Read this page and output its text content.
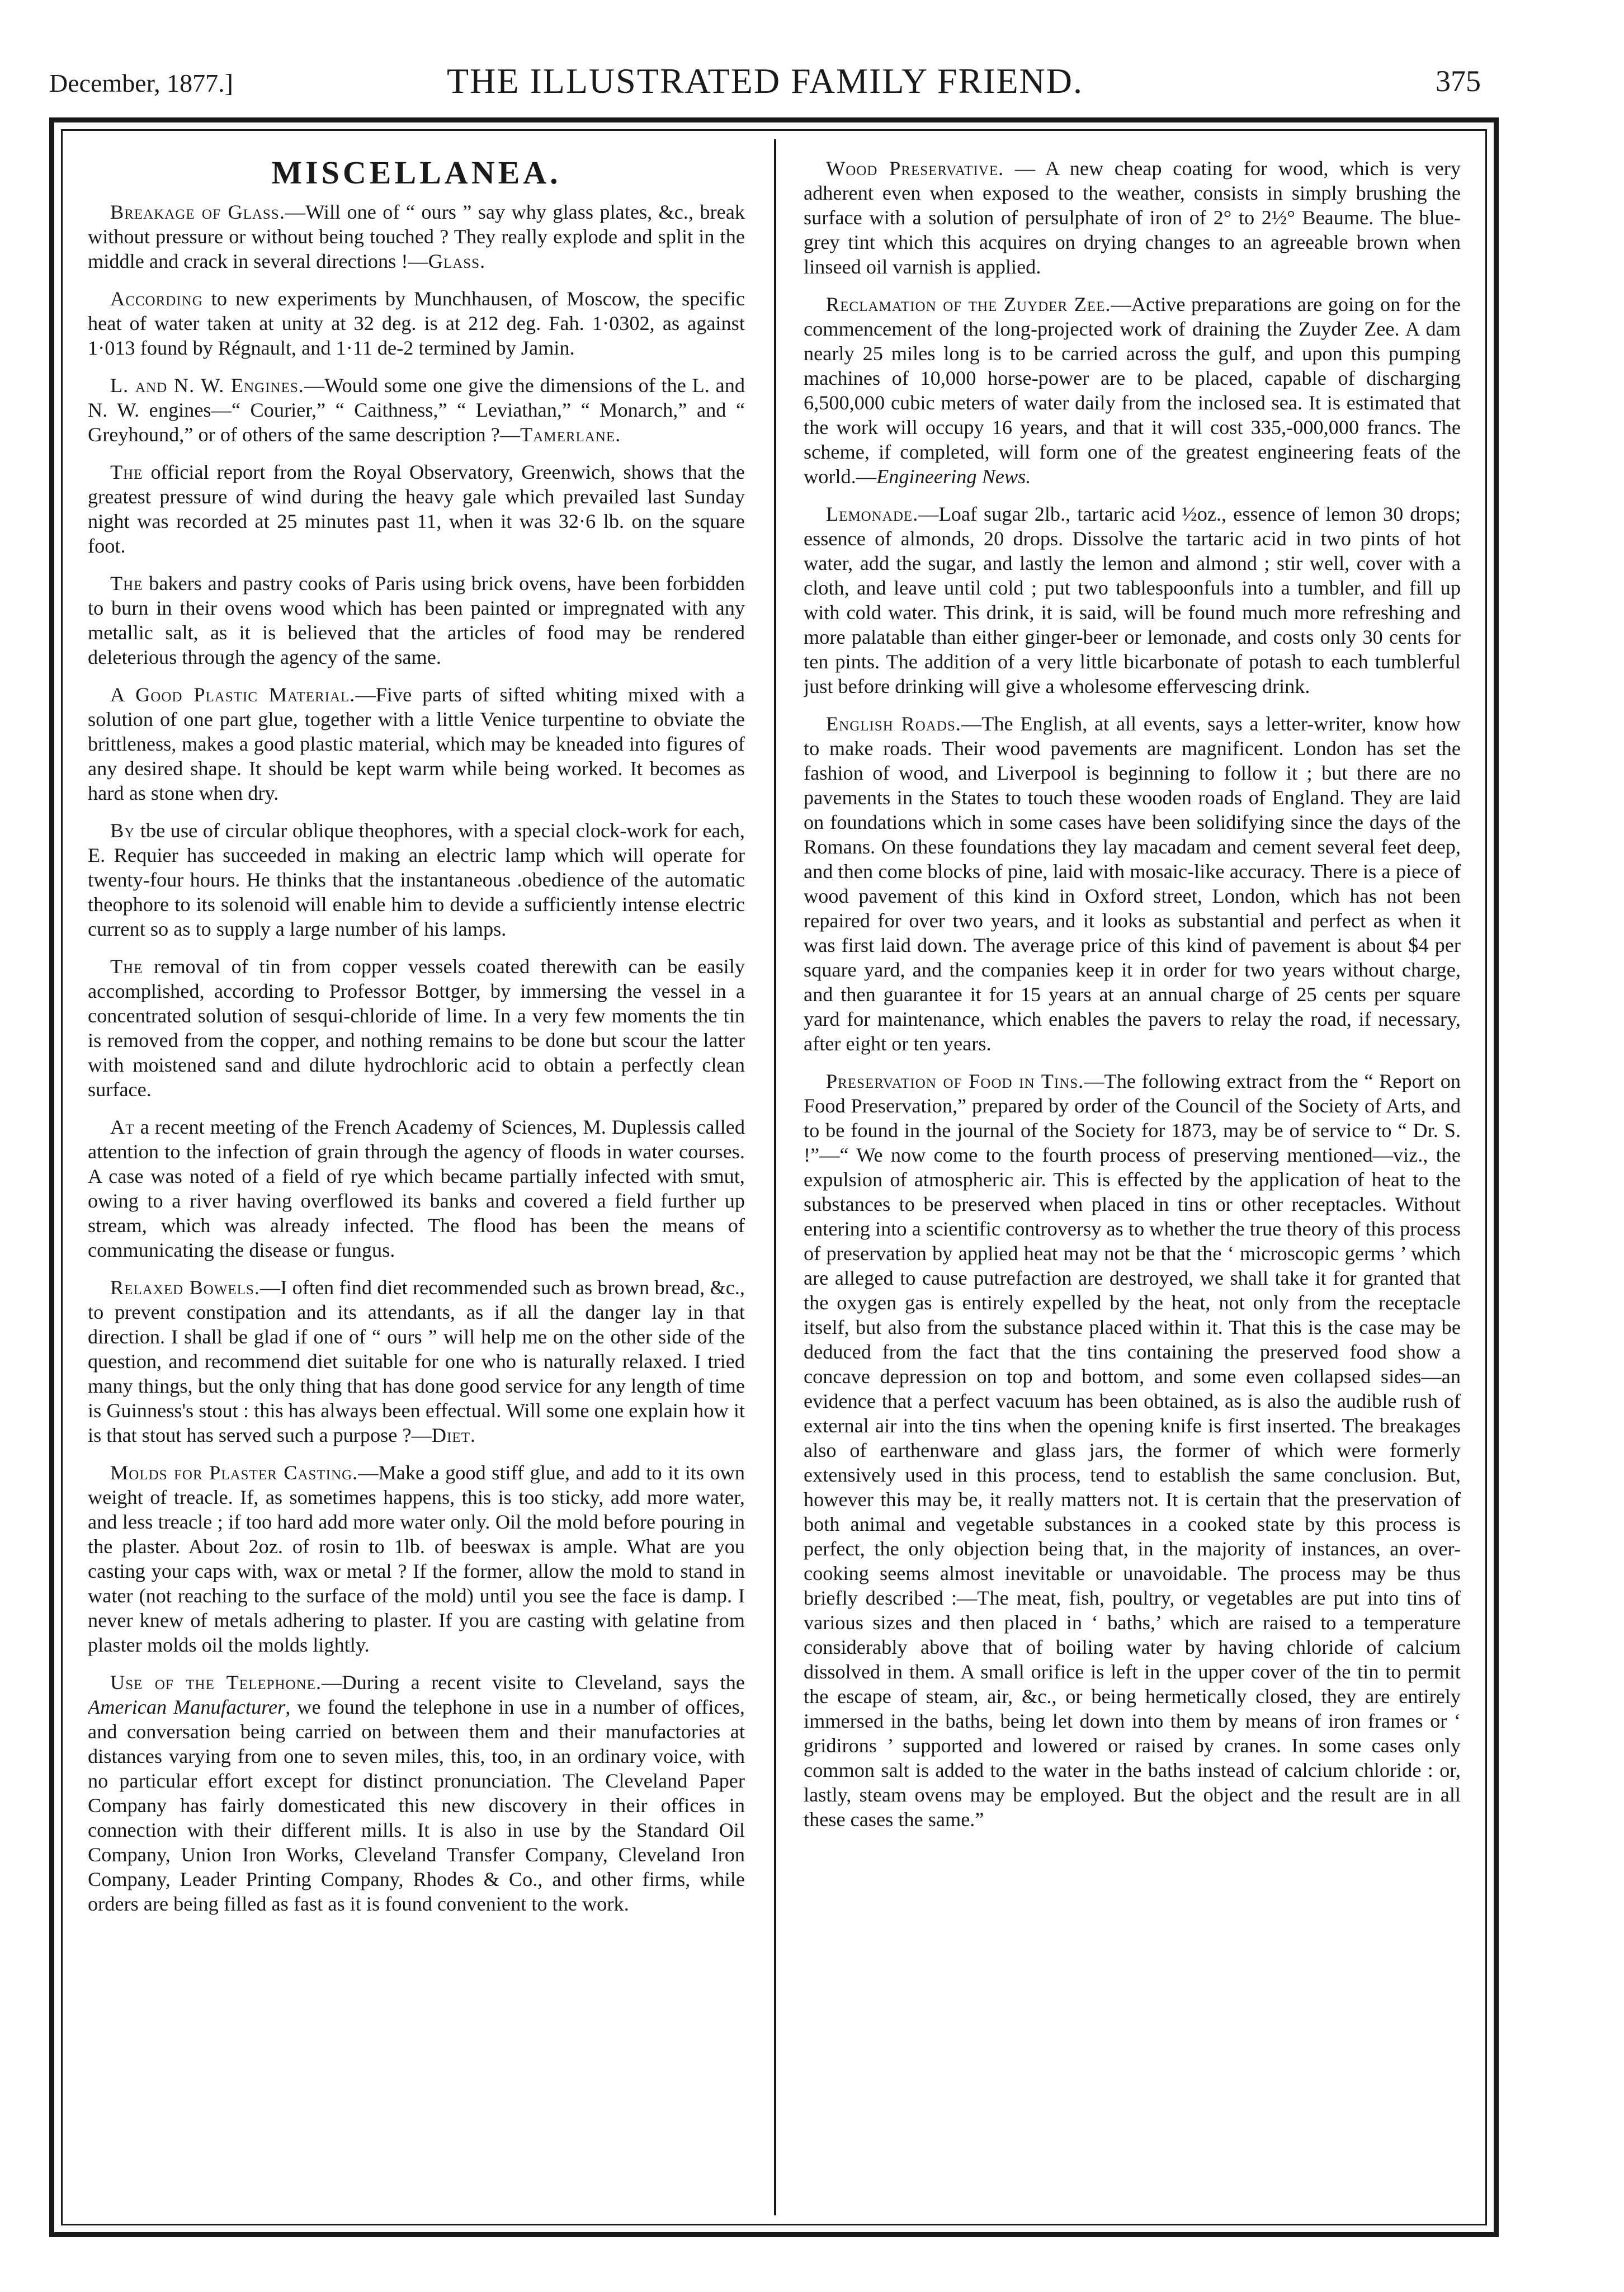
December, 1877.]	THE ILLUSTRATED FAMILY FRIEND.	375
MISCELLANEA.

Breakage of Glass.—Will one of “ ours ” say why glass plates, &c., break without pressure or without being touched ? They really explode and split in the middle and crack in several directions !—Glass.

According to new experiments by Munchhausen, of Moscow, the specific heat of water taken at unity at 32 deg. is at 212 deg. Fah. 1·0302, as against 1·013 found by Régnault, and 1·11 de-2 termined by Jamin.

L. and N. W. Engines.—Would some one give the dimensions of the L. and N. W. engines—“ Courier,” “ Caithness,” “ Leviathan,” “ Monarch,” and “ Greyhound,” or of others of the same description ?—Tamerlane.

The official report from the Royal Observatory, Greenwich, shows that the greatest pressure of wind during the heavy gale which prevailed last Sunday night was recorded at 25 minutes past 11, when it was 32·6 lb. on the square foot.

The bakers and pastry cooks of Paris using brick ovens, have been forbidden to burn in their ovens wood which has been painted or impregnated with any metallic salt, as it is believed that the articles of food may be rendered deleterious through the agency of the same.

A Good Plastic Material.—Five parts of sifted whiting mixed with a solution of one part glue, together with a little Venice turpentine to obviate the brittleness, makes a good plastic material, which may be kneaded into figures of any desired shape. It should be kept warm while being worked. It becomes as hard as stone when dry.

By tbe use of circular oblique theophores, with a special clock-work for each, E. Requier has succeeded in making an electric lamp which will operate for twenty-four hours. He thinks that the instantaneous .obedience of the automatic theophore to its solenoid will enable him to devide a sufficiently intense electric current so as to supply a large number of his lamps.

The removal of tin from copper vessels coated therewith can be easily accomplished, according to Professor Bottger, by immersing the vessel in a concentrated solution of sesqui-chloride of lime. In a very few moments the tin is removed from the copper, and nothing remains to be done but scour the latter with moistened sand and dilute hydrochloric acid to obtain a perfectly clean surface.

At a recent meeting of the French Academy of Sciences, M. Duplessis called attention to the infection of grain through the agency of floods in water courses. A case was noted of a field of rye which became partially infected with smut, owing to a river having overflowed its banks and covered a field further up stream, which was already infected. The flood has been the means of communicating the disease or fungus.

Relaxed Bowels.—I often find diet recommended such as brown bread, &c., to prevent constipation and its attendants, as if all the danger lay in that direction. I shall be glad if one of “ ours ” will help me on the other side of the question, and recommend diet suitable for one who is naturally relaxed. I tried many things, but the only thing that has done good service for any length of time is Guinness's stout : this has always been effectual. Will some one explain how it is that stout has served such a purpose ?—Diet.

Molds for Plaster Casting.—Make a good stiff glue, and add to it its own weight of treacle. If, as sometimes happens, this is too sticky, add more water, and less treacle ; if too hard add more water only. Oil the mold before pouring in the plaster. About 2oz. of rosin to 1lb. of beeswax is ample. What are you casting your caps with, wax or metal ? If the former, allow the mold to stand in water (not reaching to the surface of the mold) until you see the face is damp. I never knew of metals adhering to plaster. If you are casting with gelatine from plaster molds oil the molds lightly.

Use of the Telephone.—During a recent visite to Cleveland, says the American Manufacturer, we found the telephone in use in a number of offices, and conversation being carried on between them and their manufactories at distances varying from one to seven miles, this, too, in an ordinary voice, with no particular effort except for distinct pronunciation. The Cleveland Paper Company has fairly domesticated this new discovery in their offices in connection with their different mills. It is also in use by the Standard Oil Company, Union Iron Works, Cleveland Transfer Company, Cleveland Iron Company, Leader Printing Company, Rhodes & Co., and other firms, while orders are being filled as fast as it is found convenient to the work.

Wood Preservative. — A new cheap coating for wood, which is very adherent even when exposed to the weather, consists in simply brushing the surface with a solution of persulphate of iron of 2° to 2½° Beaume. The blue-grey tint which this acquires on drying changes to an agreeable brown when linseed oil varnish is applied.

Reclamation of the Zuyder Zee.—Active preparations are going on for the commencement of the long-projected work of draining the Zuyder Zee. A dam nearly 25 miles long is to be carried across the gulf, and upon this pumping machines of 10,000 horse-power are to be placed, capable of discharging 6,500,000 cubic meters of water daily from the inclosed sea. It is estimated that the work will occupy 16 years, and that it will cost 335,-000,000 francs. The scheme, if completed, will form one of the greatest engineering feats of the world.—Engineering News.

Lemonade.—Loaf sugar 2lb., tartaric acid ½oz., essence of lemon 30 drops; essence of almonds, 20 drops. Dissolve the tartaric acid in two pints of hot water, add the sugar, and lastly the lemon and almond ; stir well, cover with a cloth, and leave until cold ; put two tablespoonfuls into a tumbler, and fill up with cold water. This drink, it is said, will be found much more refreshing and more palatable than either ginger-beer or lemonade, and costs only 30 cents for ten pints. The addition of a very little bicarbonate of potash to each tumblerful just before drinking will give a wholesome effervescing drink.

English Roads.—The English, at all events, says a letter-writer, know how to make roads. Their wood pavements are magnificent. London has set the fashion of wood, and Liverpool is beginning to follow it ; but there are no pavements in the States to touch these wooden roads of England. They are laid on foundations which in some cases have been solidifying since the days of the Romans. On these foundations they lay macadam and cement several feet deep, and then come blocks of pine, laid with mosaic-like accuracy. There is a piece of wood pavement of this kind in Oxford street, London, which has not been repaired for over two years, and it looks as substantial and perfect as when it was first laid down. The average price of this kind of pavement is about $4 per square yard, and the companies keep it in order for two years without charge, and then guarantee it for 15 years at an annual charge of 25 cents per square yard for maintenance, which enables the pavers to relay the road, if necessary, after eight or ten years.

Preservation of Food in Tins.—The following extract from the “ Report on Food Preservation,” prepared by order of the Council of the Society of Arts, and to be found in the journal of the Society for 1873, may be of service to “ Dr. S. !”—“ We now come to the fourth process of preserving mentioned—viz., the expulsion of atmospheric air. This is effected by the application of heat to the substances to be preserved when placed in tins or other receptacles. Without entering into a scientific controversy as to whether the true theory of this process of preservation by applied heat may not be that the ‘ microscopic germs ’ which are alleged to cause putrefaction are destroyed, we shall take it for granted that the oxygen gas is entirely expelled by the heat, not only from the receptacle itself, but also from the substance placed within it. That this is the case may be deduced from the fact that the tins containing the preserved food show a concave depression on top and bottom, and some even collapsed sides—an evidence that a perfect vacuum has been obtained, as is also the audible rush of external air into the tins when the opening knife is first inserted. The breakages also of earthenware and glass jars, the former of which were formerly extensively used in this process, tend to establish the same conclusion. But, however this may be, it really matters not. It is certain that the preservation of both animal and vegetable substances in a cooked state by this process is perfect, the only objection being that, in the majority of instances, an over-cooking seems almost inevitable or unavoidable. The process may be thus briefly described :—The meat, fish, poultry, or vegetables are put into tins of various sizes and then placed in ‘ baths,’ which are raised to a temperature considerably above that of boiling water by having chloride of calcium dissolved in them. A small orifice is left in the upper cover of the tin to permit the escape of steam, air, &c., or being hermetically closed, they are entirely immersed in the baths, being let down into them by means of iron frames or ‘ gridirons ’ supported and lowered or raised by cranes. In some cases only common salt is added to the water in the baths instead of calcium chloride : or, lastly, steam ovens may be employed. But the object and the result are in all these cases the same.”
